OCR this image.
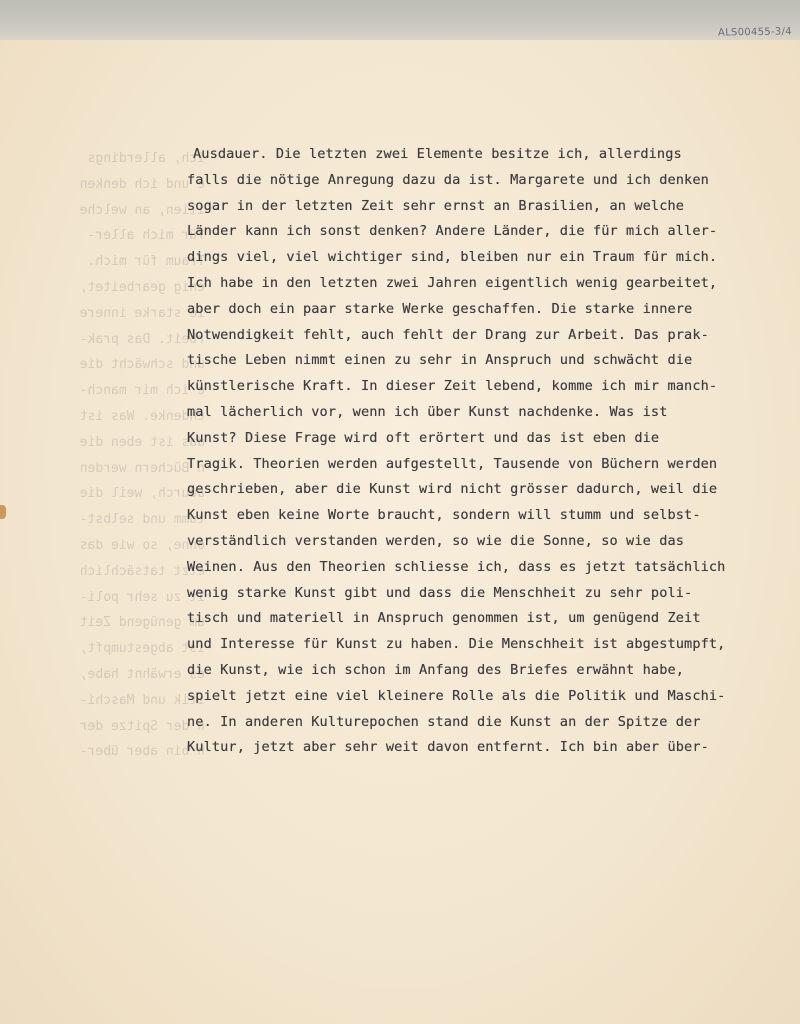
ALS00455-3/4
ich, allerdings
e und ich denken
ilien, an welche
für mich aller-
Traum für mich.
enig gearbeitet,
ie starke innere
rbeit. Das prak-
und schwächt die
e ich mir manch-
chdenke. Was ist
das ist eben die
n Büchern werden
adurch, weil die
tumm und selbst-
onne, so wie das
etzt tatsächlich
it zu sehr poli-
um genügend Zeit
ist abgestumpft,
es erwähnt habe,
itik und Maschi-
n der Spitze der
h bin aber über-
Ausdauer. Die letzten zwei Elemente besitze ich, allerdings
falls die nötige Anregung dazu da ist. Margarete und ich denken
sogar in der letzten Zeit sehr ernst an Brasilien, an welche
Länder kann ich sonst denken? Andere Länder, die für mich aller-
dings viel, viel wichtiger sind, bleiben nur ein Traum für mich.
Ich habe in den letzten zwei Jahren eigentlich wenig gearbeitet,
aber doch ein paar starke Werke geschaffen. Die starke innere
Notwendigkeit fehlt, auch fehlt der Drang zur Arbeit. Das prak-
tische Leben nimmt einen zu sehr in Anspruch und schwächt die
künstlerische Kraft. In dieser Zeit lebend, komme ich mir manch-
mal lächerlich vor, wenn ich über Kunst nachdenke. Was ist
Kunst? Diese Frage wird oft erörtert und das ist eben die
Tragik. Theorien werden aufgestellt, Tausende von Büchern werden
geschrieben, aber die Kunst wird nicht grösser dadurch, weil die
Kunst eben keine Worte braucht, sondern will stumm und selbst-
verständlich verstanden werden, so wie die Sonne, so wie das
Weinen. Aus den Theorien schliesse ich, dass es jetzt tatsächlich
wenig starke Kunst gibt und dass die Menschheit zu sehr poli-
tisch und materiell in Anspruch genommen ist, um genügend Zeit
und Interesse für Kunst zu haben. Die Menschheit ist abgestumpft,
die Kunst, wie ich schon im Anfang des Briefes erwähnt habe,
spielt jetzt eine viel kleinere Rolle als die Politik und Maschi-
ne. In anderen Kulturepochen stand die Kunst an der Spitze der
Kultur, jetzt aber sehr weit davon entfernt. Ich bin aber über-
